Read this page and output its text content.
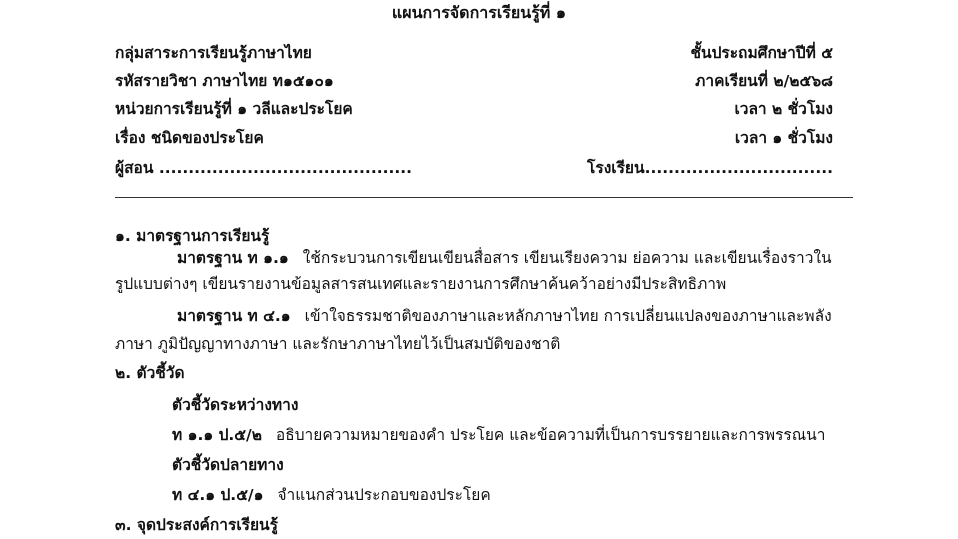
แผนการจัดการเรียนรู้ที่ ๑
กลุ่มสาระการเรียนรู้ภาษาไทย	ชั้นประถมศึกษาปีที่ ๕
รหัสรายวิชา ภาษาไทย ท๑๕๑๐๑	ภาคเรียนที่ ๒/๒๕๖๘
หน่วยการเรียนรู้ที่ ๑ วลีและประโยค	เวลา ๒ ชั่วโมง
เรื่อง ชนิดของประโยค	เวลา ๑ ชั่วโมง
ผู้สอน ...........................................	โรงเรียน................................
๑. มาตรฐานการเรียนรู้
มาตรฐาน ท ๑.๑ ใช้กระบวนการเขียนเขียนสื่อสาร เขียนเรียงความ ย่อความ และเขียนเรื่องราวใน
รูปแบบต่างๆ เขียนรายงานข้อมูลสารสนเทศและรายงานการศึกษาค้นคว้าอย่างมีประสิทธิภาพ
มาตรฐาน ท ๔.๑ เข้าใจธรรมชาติของภาษาและหลักภาษาไทย การเปลี่ยนแปลงของภาษาและพลัง
ภาษา ภูมิปัญญาทางภาษา และรักษาภาษาไทยไว้เป็นสมบัติของชาติ
๒. ตัวชี้วัด
ตัวชี้วัดระหว่างทาง
ท ๑.๑ ป.๕/๒ อธิบายความหมายของคำ ประโยค และข้อความที่เป็นการบรรยายและการพรรณนา
ตัวชี้วัดปลายทาง
ท ๔.๑ ป.๕/๑ จำแนกส่วนประกอบของประโยค
๓. จุดประสงค์การเรียนรู้
